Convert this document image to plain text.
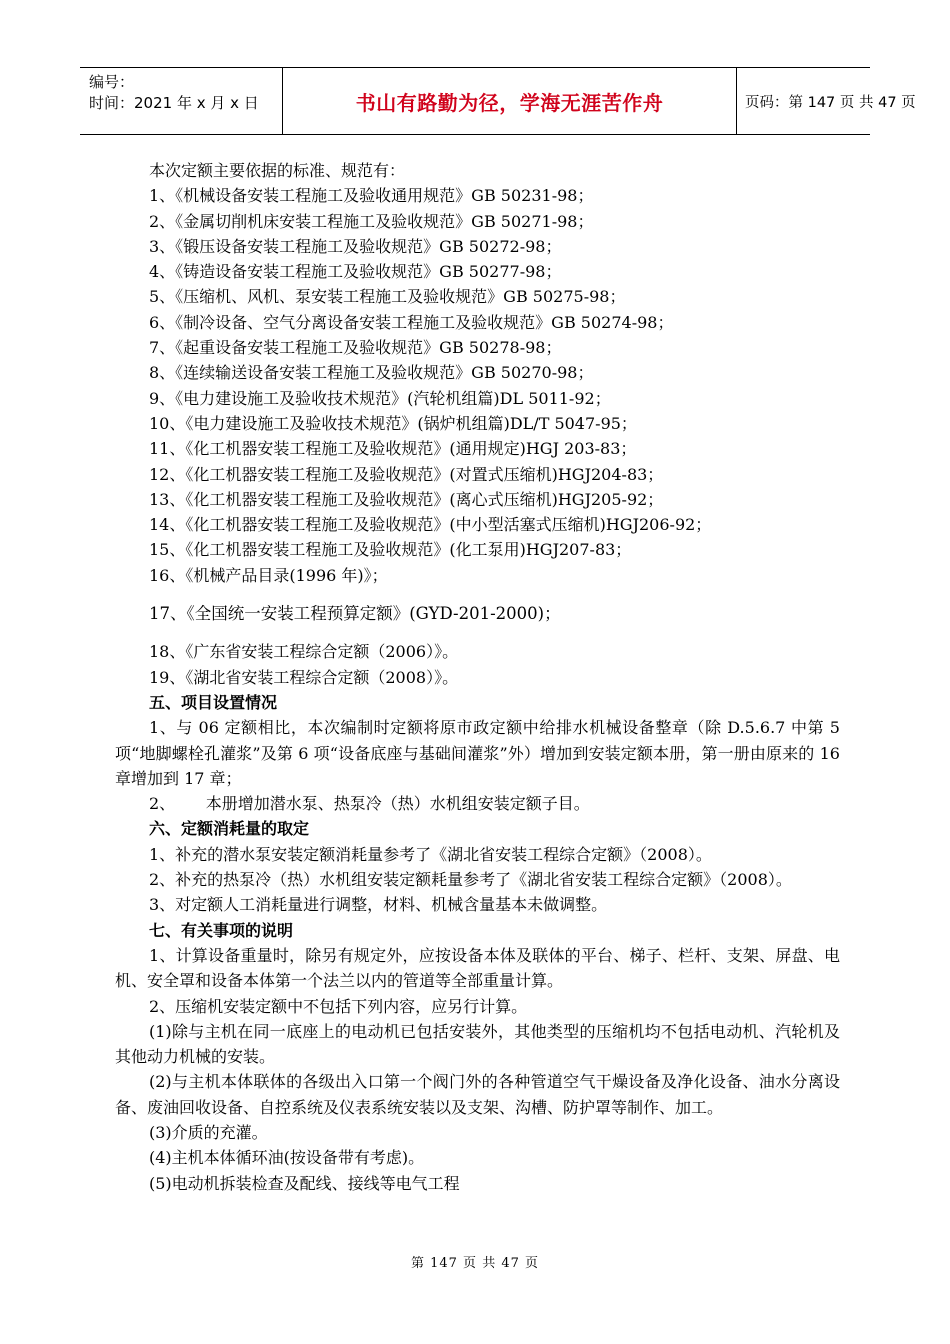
编号：
时间：2021 年 x 月 x 日	书山有路勤为径，学海无涯苦作舟	页码：第 147 页 共 47 页
本次定额主要依据的标准、规范有：
1、《机械设备安装工程施工及验收通用规范》GB 50231-98；
2、《金属切削机床安装工程施工及验收规范》GB 50271-98；
3、《锻压设备安装工程施工及验收规范》GB 50272-98；
4、《铸造设备安装工程施工及验收规范》GB 50277-98；
5、《压缩机、风机、泵安装工程施工及验收规范》GB 50275-98；
6、《制冷设备、空气分离设备安装工程施工及验收规范》GB 50274-98；
7、《起重设备安装工程施工及验收规范》GB 50278-98；
8、《连续输送设备安装工程施工及验收规范》GB 50270-98；
9、《电力建设施工及验收技术规范》(汽轮机组篇)DL 5011-92；
10、《电力建设施工及验收技术规范》(锅炉机组篇)DL/T 5047-95；
11、《化工机器安装工程施工及验收规范》(通用规定)HGJ 203-83；
12、《化工机器安装工程施工及验收规范》(对置式压缩机)HGJ204-83；
13、《化工机器安装工程施工及验收规范》(离心式压缩机)HGJ205-92；
14、《化工机器安装工程施工及验收规范》(中小型活塞式压缩机)HGJ206-92；
15、《化工机器安装工程施工及验收规范》(化工泵用)HGJ207-83；
16、《机械产品目录(1996 年)》；
17、《全国统一安装工程预算定额》(GYD-201-2000)；
18、《广东省安装工程综合定额（2006）》。
19、《湖北省安装工程综合定额（2008）》。
五、项目设置情况
1、与 06 定额相比，本次编制时定额将原市政定额中给排水机械设备整章（除 D.5.6.7 中第 5 项“地脚螺栓孔灌浆”及第 6 项“设备底座与基础间灌浆”外）增加到安装定额本册，第一册由原来的 16 章增加到 17 章；
2、      本册增加潜水泵、热泵冷（热）水机组安装定额子目。
六、定额消耗量的取定
1、补充的潜水泵安装定额消耗量参考了《湖北省安装工程综合定额》（2008）。
2、补充的热泵冷（热）水机组安装定额耗量参考了《湖北省安装工程综合定额》（2008）。
3、对定额人工消耗量进行调整，材料、机械含量基本未做调整。
七、有关事项的说明
1、计算设备重量时，除另有规定外，应按设备本体及联体的平台、梯子、栏杆、支架、屏盘、电机、安全罩和设备本体第一个法兰以内的管道等全部重量计算。
2、压缩机安装定额中不包括下列内容，应另行计算。
(1)除与主机在同一底座上的电动机已包括安装外，其他类型的压缩机均不包括电动机、汽轮机及其他动力机械的安装。
(2)与主机本体联体的各级出入口第一个阀门外的各种管道空气干燥设备及净化设备、油水分离设备、废油回收设备、自控系统及仪表系统安装以及支架、沟槽、防护罩等制作、加工。
(3)介质的充灌。
(4)主机本体循环油(按设备带有考虑)。
(5)电动机拆装检查及配线、接线等电气工程
第 147 页 共 47 页
